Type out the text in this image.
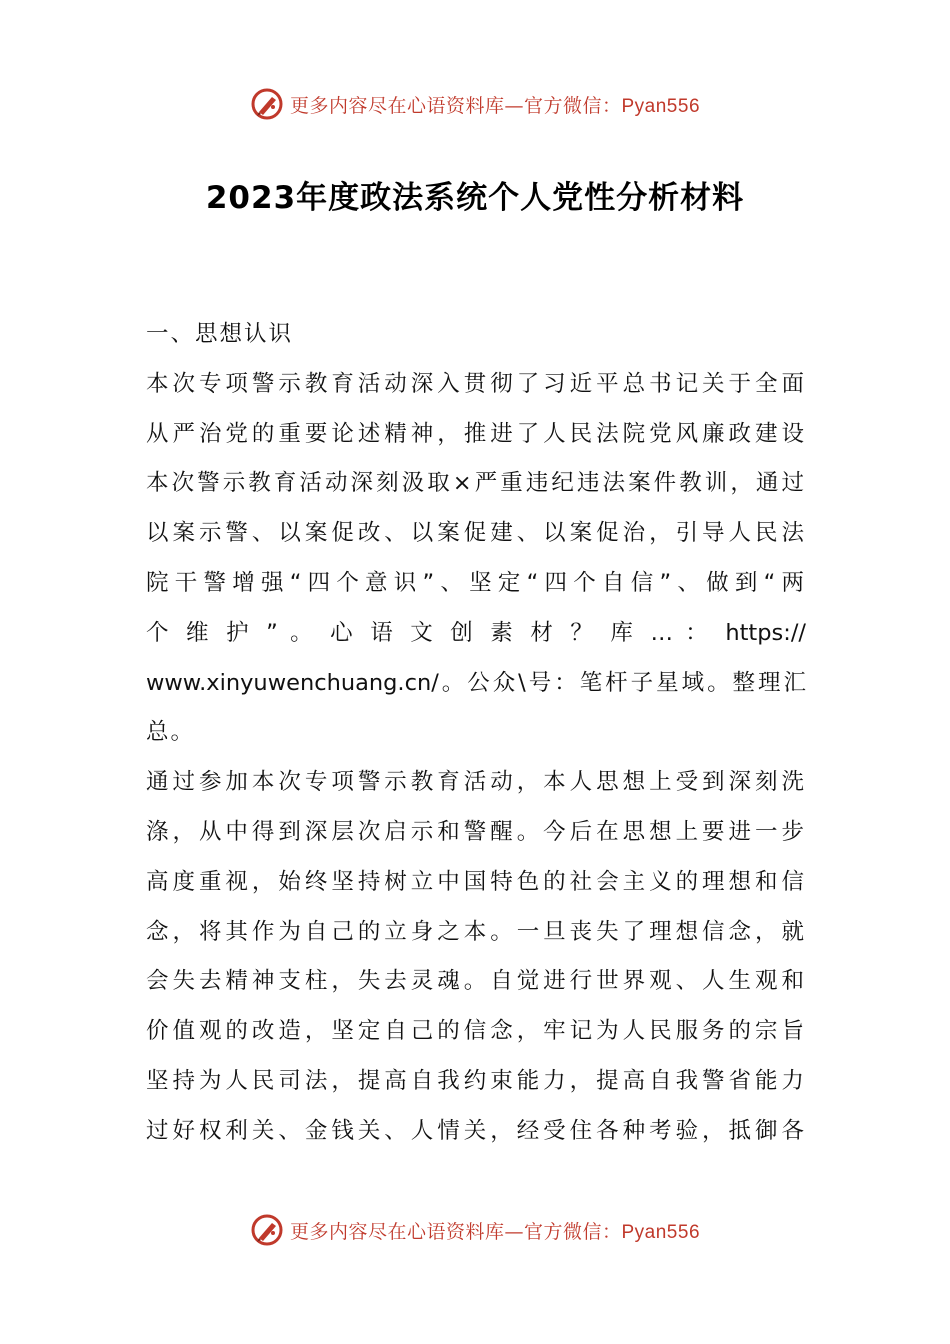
更多内容尽在心语资料库—官方微信：Pyan556
2023年度政法系统个人党性分析材料
一、思想认识
本次专项警示教育活动深入贯彻了习近平总书记关于全面
从严治党的重要论述精神，推进了人民法院党风廉政建设
本次警示教育活动深刻汲取×严重违纪违法案件教训，通过
以案示警、以案促改、以案促建、以案促治，引导人民法
院干警增强“四个意识”、坚定“四个自信”、做到“两
个 维 护 ” 。 心 语 文 创 素 材 ？ 库 … ： https://
www.xinyuwenchuang.cn/。公众\号：笔杆子星域。整理汇
总。
通过参加本次专项警示教育活动，本人思想上受到深刻洗
涤，从中得到深层次启示和警醒。今后在思想上要进一步
高度重视，始终坚持树立中国特色的社会主义的理想和信
念，将其作为自己的立身之本。一旦丧失了理想信念，就
会失去精神支柱，失去灵魂。自觉进行世界观、人生观和
价值观的改造，坚定自己的信念，牢记为人民服务的宗旨
坚持为人民司法，提高自我约束能力，提高自我警省能力
过好权利关、金钱关、人情关，经受住各种考验，抵御各
更多内容尽在心语资料库—官方微信：Pyan556
